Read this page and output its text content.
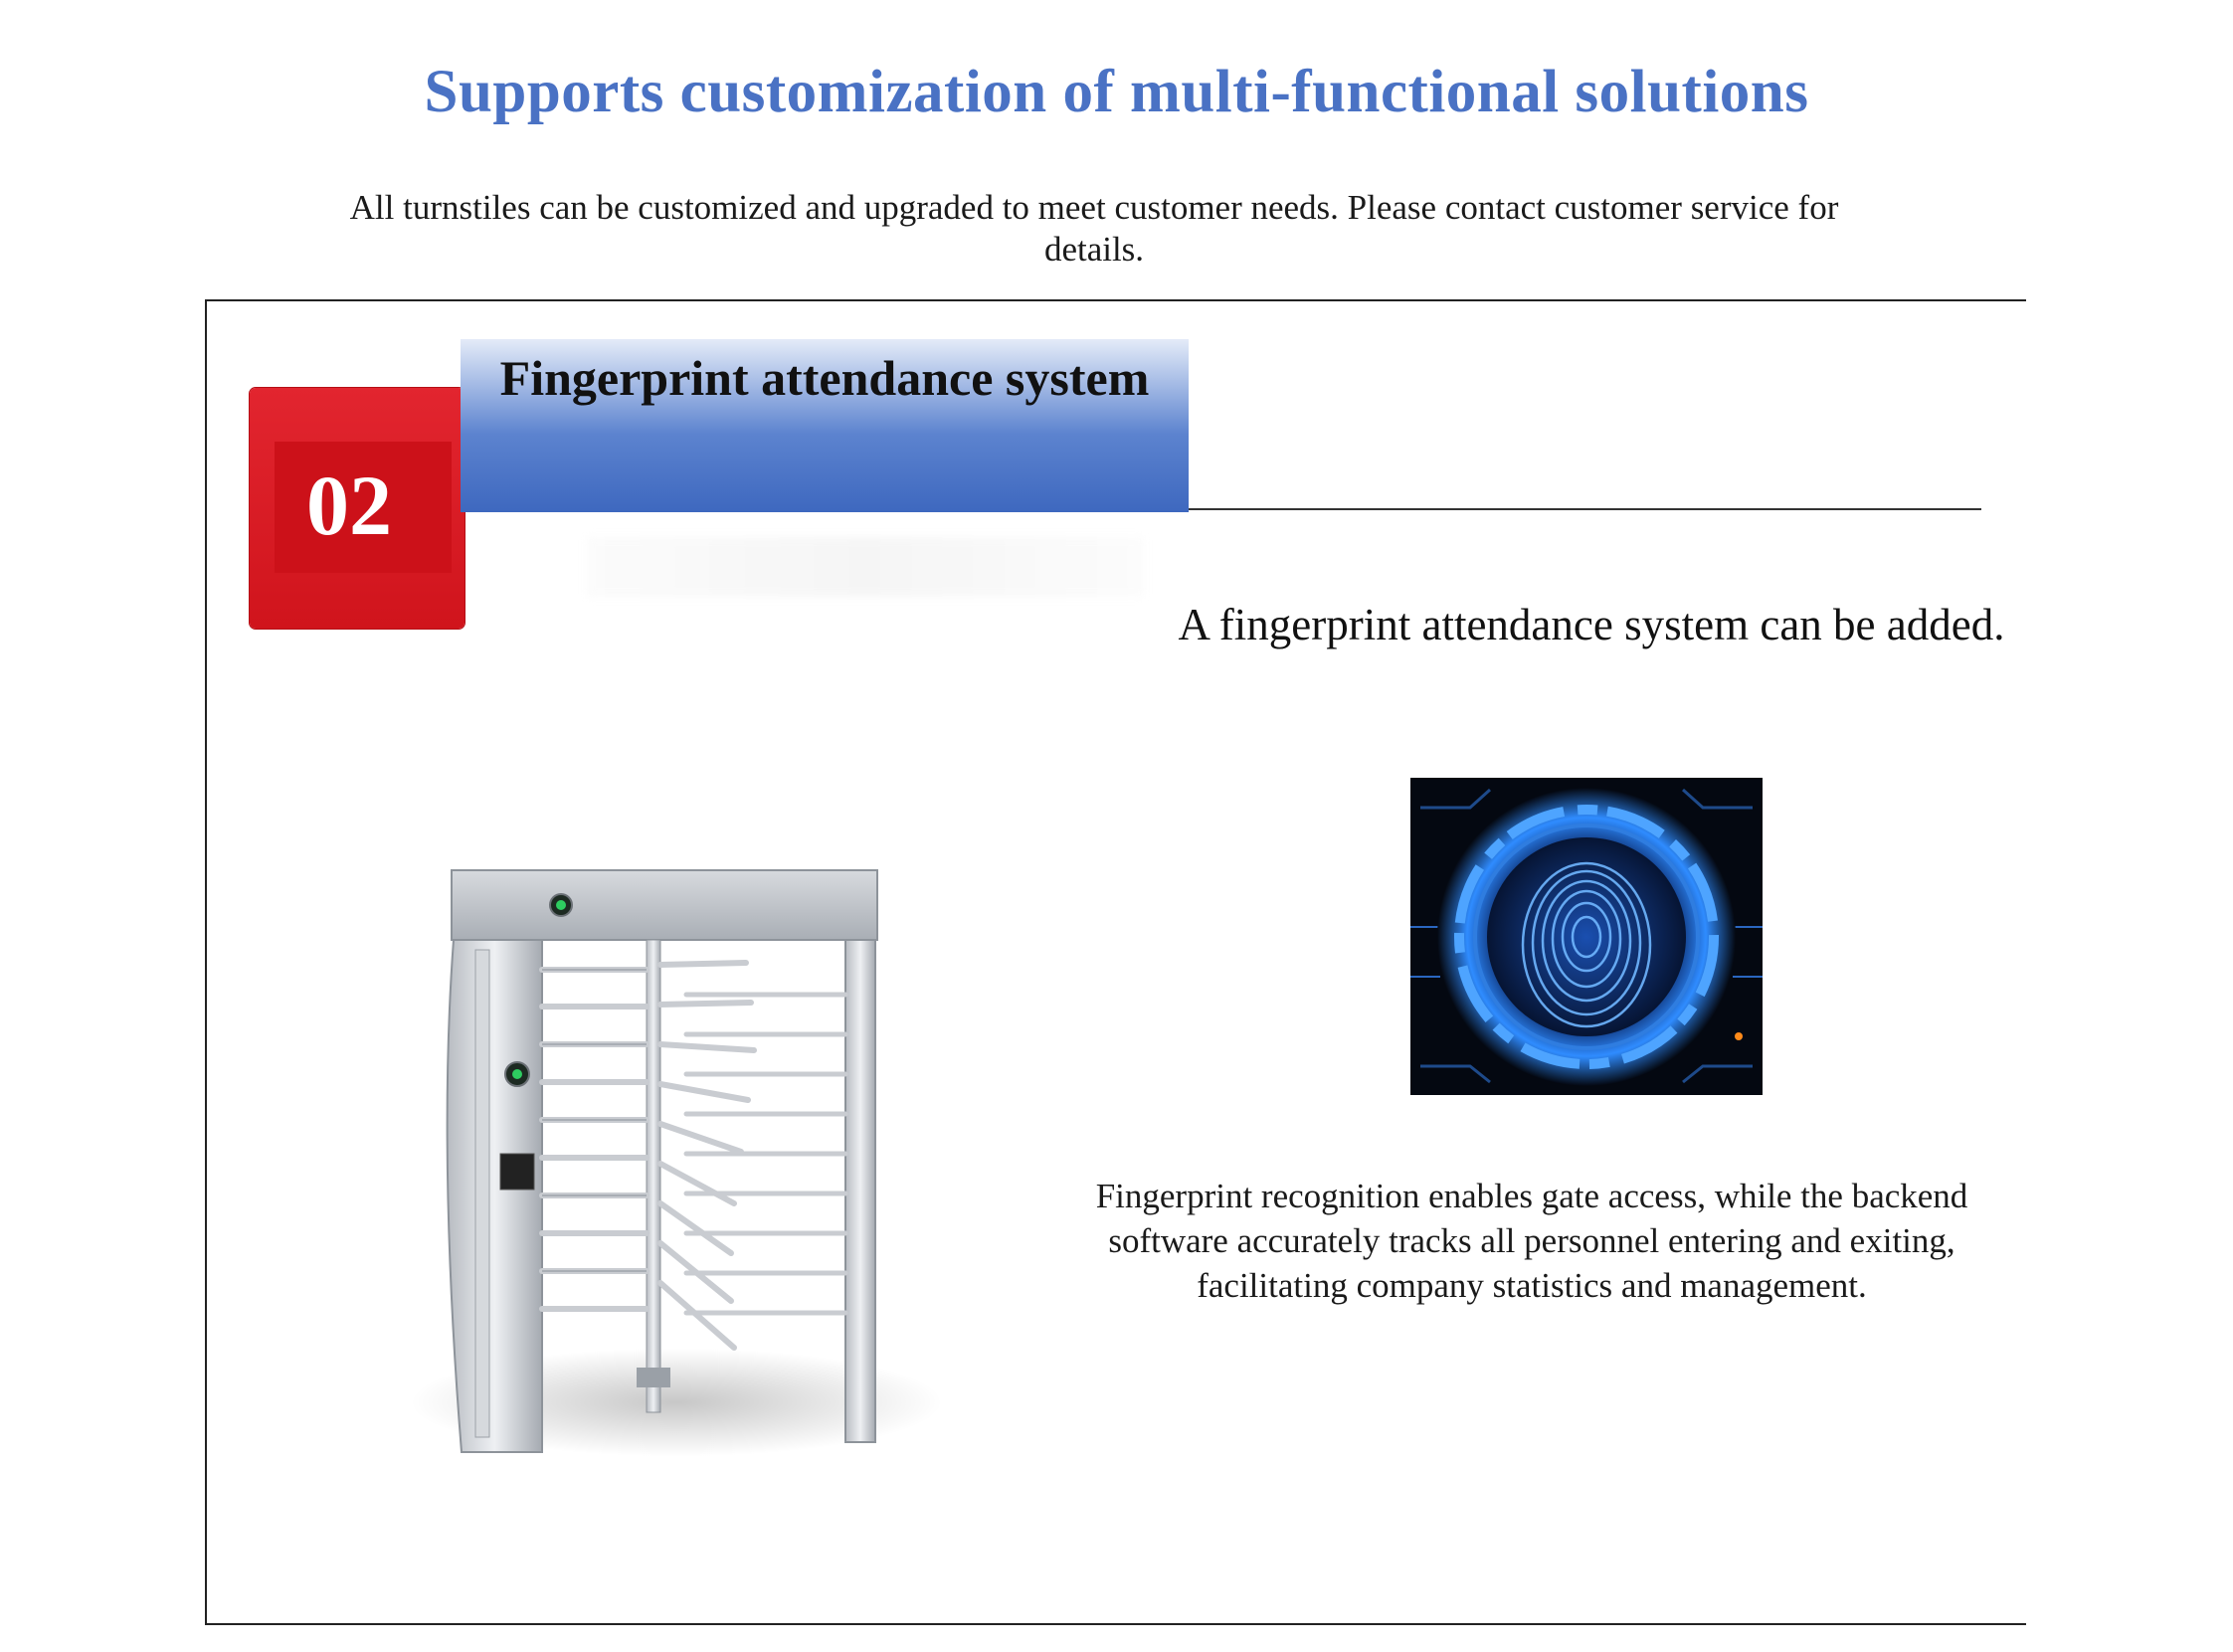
Supports customization of multi-functional solutions
All turnstiles can be customized and upgraded to meet customer needs. Please contact customer service for details.
02
Fingerprint attendance system
A fingerprint attendance system can be added.
Fingerprint recognition enables gate access, while the backend software accurately tracks all personnel entering and exiting, facilitating company statistics and management.
